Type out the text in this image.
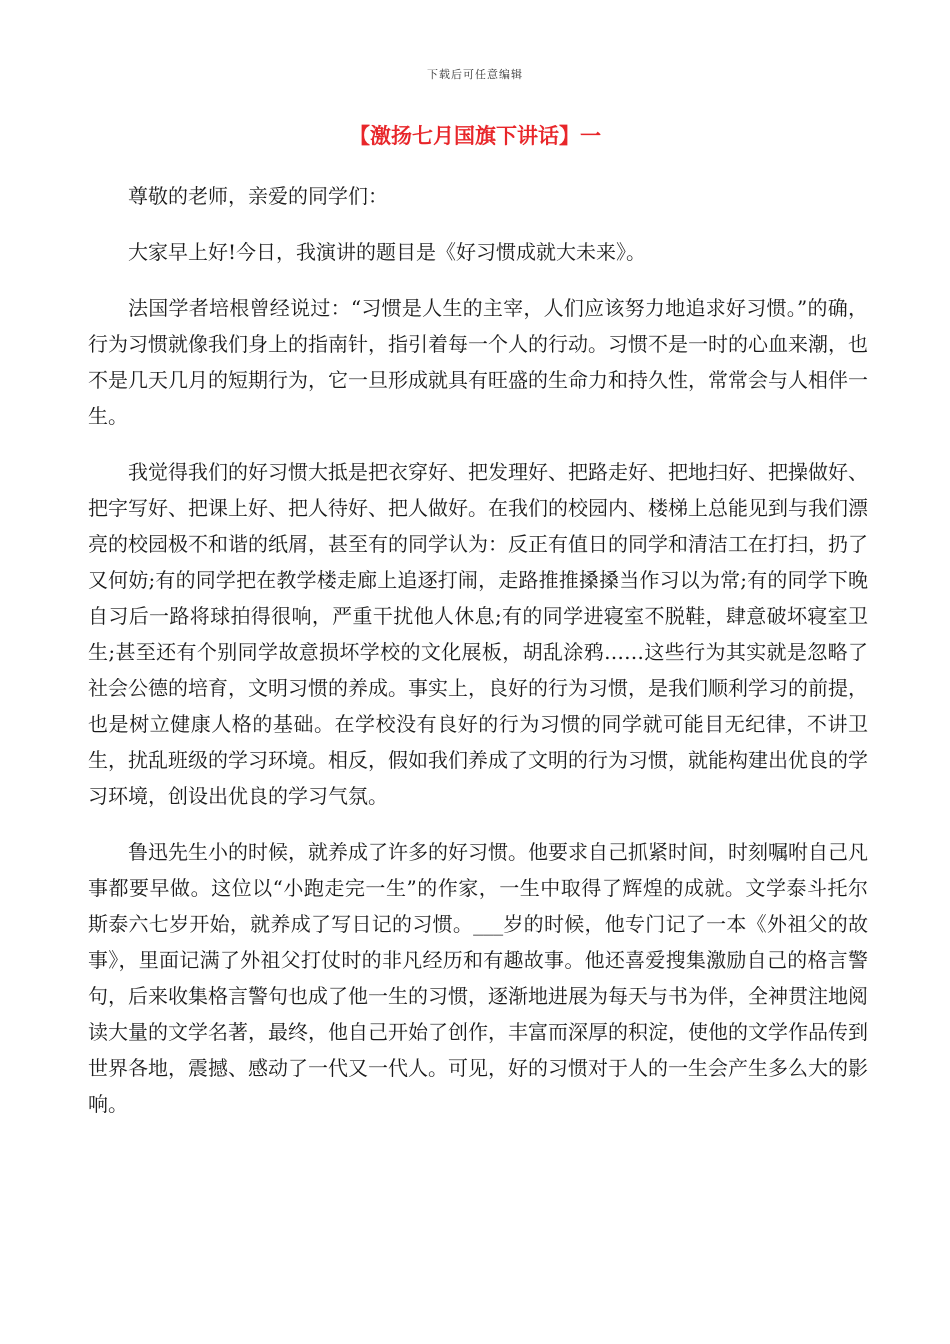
下载后可任意编辑
【激扬七月国旗下讲话】一

尊敬的老师，亲爱的同学们：

大家早上好!今日，我演讲的题目是《好习惯成就大未来》。

法国学者培根曾经说过：“习惯是人生的主宰，人们应该努力地追求好习惯。”的确，行为习惯就像我们身上的指南针，指引着每一个人的行动。习惯不是一时的心血来潮，也不是几天几月的短期行为，它一旦形成就具有旺盛的生命力和持久性，常常会与人相伴一生。

我觉得我们的好习惯大抵是把衣穿好、把发理好、把路走好、把地扫好、把操做好、把字写好、把课上好、把人待好、把人做好。在我们的校园内、楼梯上总能见到与我们漂亮的校园极不和谐的纸屑，甚至有的同学认为：反正有值日的同学和清洁工在打扫，扔了又何妨;有的同学把在教学楼走廊上追逐打闹，走路推推搡搡当作习以为常;有的同学下晚自习后一路将球拍得很响，严重干扰他人休息;有的同学进寝室不脱鞋，肆意破坏寝室卫生;甚至还有个别同学故意损坏学校的文化展板，胡乱涂鸦……这些行为其实就是忽略了社会公德的培育，文明习惯的养成。事实上，良好的行为习惯，是我们顺利学习的前提，也是树立健康人格的基础。在学校没有良好的行为习惯的同学就可能目无纪律，不讲卫生，扰乱班级的学习环境。相反，假如我们养成了文明的行为习惯，就能构建出优良的学习环境，创设出优良的学习气氛。

鲁迅先生小的时候，就养成了许多的好习惯。他要求自己抓紧时间，时刻嘱咐自己凡事都要早做。这位以“小跑走完一生”的作家，一生中取得了辉煌的成就。文学泰斗托尔斯泰六七岁开始，就养成了写日记的习惯。___岁的时候，他专门记了一本《外祖父的故事》，里面记满了外祖父打仗时的非凡经历和有趣故事。他还喜爱搜集激励自己的格言警句，后来收集格言警句也成了他一生的习惯，逐渐地进展为每天与书为伴，全神贯注地阅读大量的文学名著，最终，他自己开始了创作，丰富而深厚的积淀，使他的文学作品传到世界各地，震撼、感动了一代又一代人。可见，好的习惯对于人的一生会产生多么大的影响。
